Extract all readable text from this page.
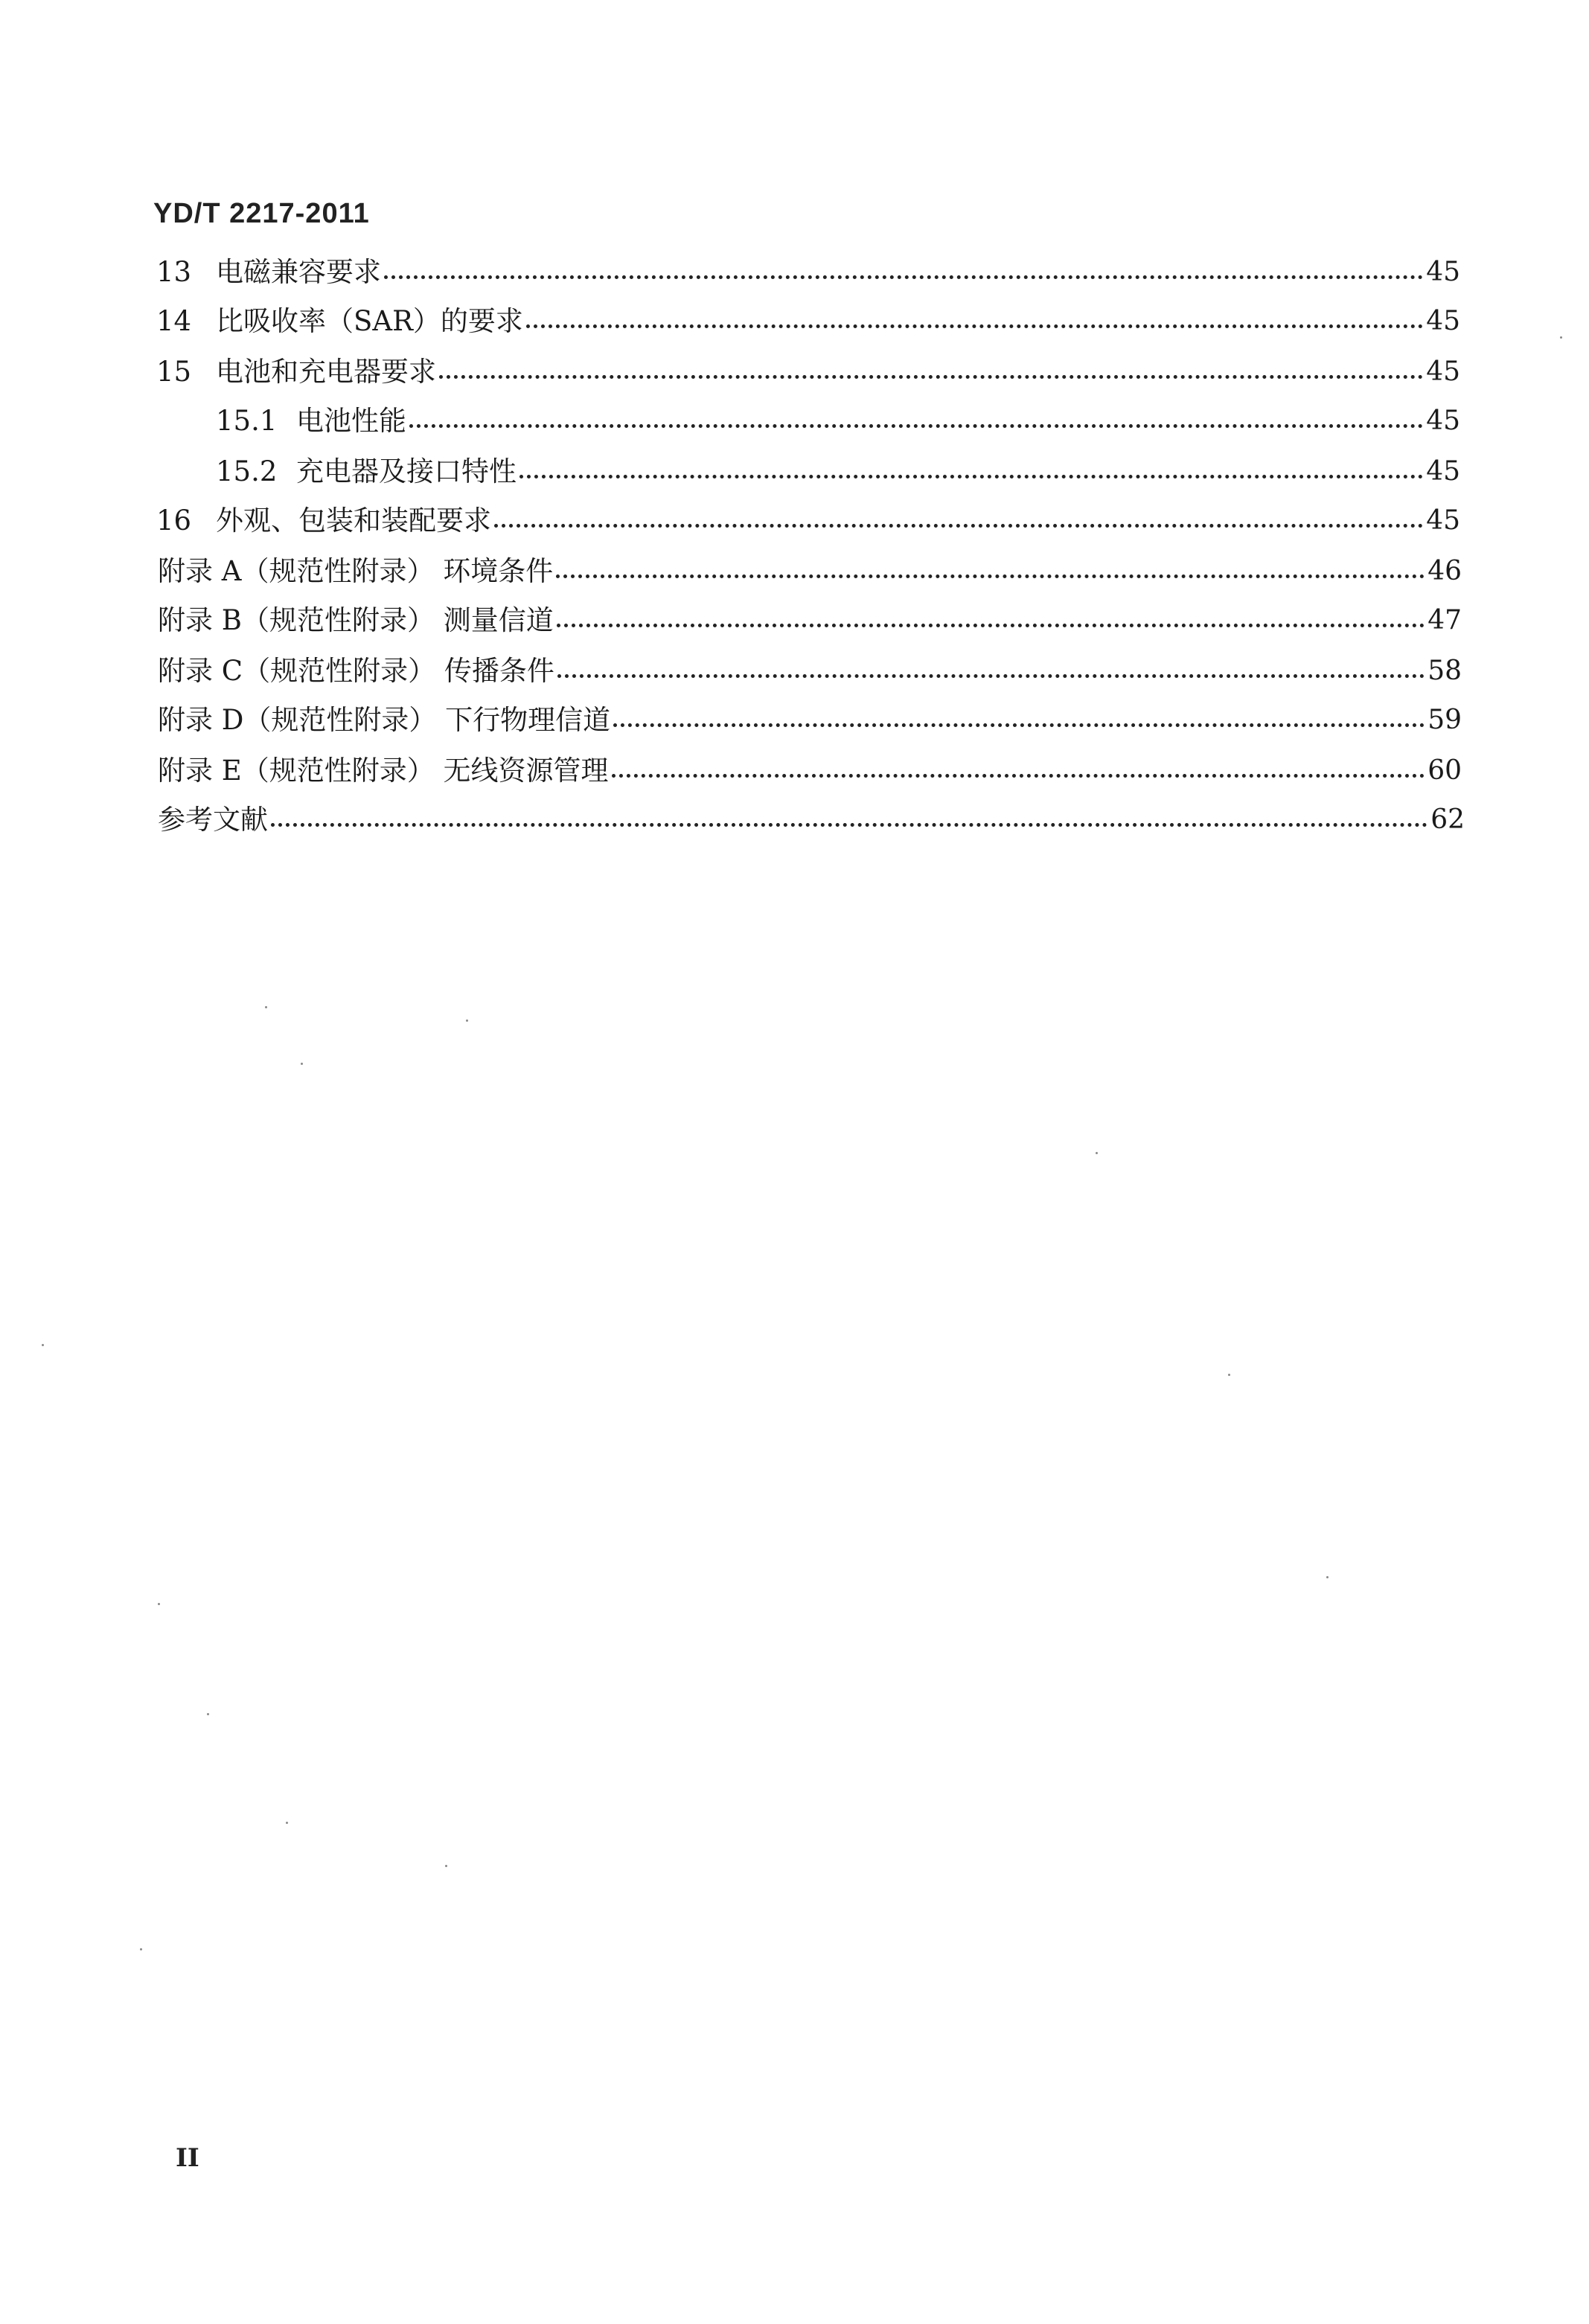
YD/T 2217-2011
13 电磁兼容要求	45
14 比吸收率（SAR）的要求	45
15 电池和充电器要求	45
15.1 电池性能	45
15.2 充电器及接口特性	45
16 外观、包装和装配要求	45
附录 A（规范性附录） 环境条件	46
附录 B（规范性附录） 测量信道	47
附录 C（规范性附录） 传播条件	58
附录 D（规范性附录） 下行物理信道	59
附录 E（规范性附录） 无线资源管理	60
参考文献	62
II
